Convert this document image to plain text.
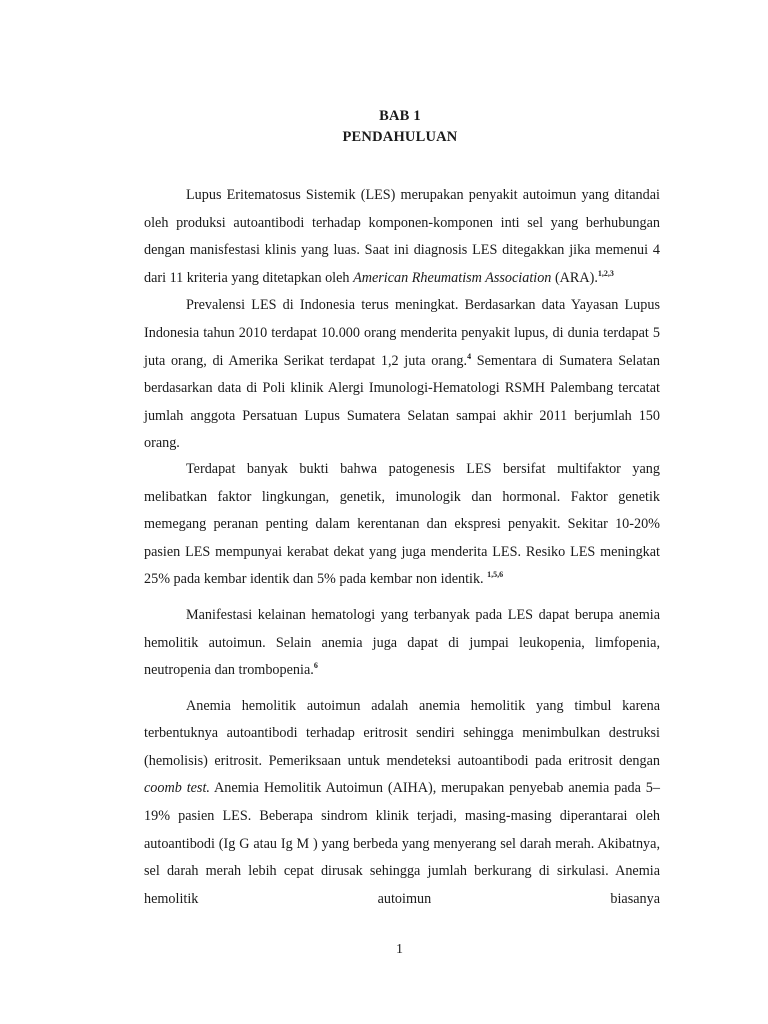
BAB 1
PENDAHULUAN

Lupus Eritematosus Sistemik (LES) merupakan penyakit autoimun yang ditandai oleh produksi autoantibodi terhadap komponen-komponen inti sel yang berhubungan dengan manisfestasi klinis yang luas. Saat ini diagnosis LES ditegakkan jika memenui 4 dari 11 kriteria yang ditetapkan oleh American Rheumatism Association (ARA).$^{1,2,3}$

Prevalensi LES di Indonesia terus meningkat. Berdasarkan data Yayasan Lupus Indonesia tahun 2010 terdapat 10.000 orang menderita penyakit lupus, di dunia terdapat 5 juta orang, di Amerika Serikat terdapat 1,2 juta orang.$^4$ Sementara di Sumatera Selatan berdasarkan data di Poli klinik Alergi Imunologi-Hematologi RSMH Palembang tercatat jumlah anggota Persatuan Lupus Sumatera Selatan sampai akhir 2011 berjumlah 150 orang.

Terdapat banyak bukti bahwa patogenesis LES bersifat multifaktor yang melibatkan faktor lingkungan, genetik, imunologik dan hormonal. Faktor genetik memegang peranan penting dalam kerentanan dan ekspresi penyakit. Sekitar 10-20% pasien LES mempunyai kerabat dekat yang juga menderita LES. Resiko LES meningkat 25% pada kembar identik dan 5% pada kembar non identik. $^{1,5,6}$

Manifestasi kelainan hematologi yang terbanyak pada LES dapat berupa anemia hemolitik autoimun. Selain anemia juga dapat di jumpai leukopenia, limfopenia, neutropenia dan trombopenia.$^6$

Anemia hemolitik autoimun adalah anemia hemolitik yang timbul karena terbentuknya autoantibodi terhadap eritrosit sendiri sehingga menimbulkan destruksi (hemolisis) eritrosit. Pemeriksaan untuk mendeteksi autoantibodi pada eritrosit dengan coomb test. Anemia Hemolitik Autoimun (AIHA), merupakan penyebab anemia pada 5–19% pasien LES. Beberapa sindrom klinik terjadi, masing-masing diperantarai oleh autoantibodi (Ig G atau Ig M ) yang berbeda yang menyerang sel darah merah. Akibatnya, sel darah merah lebih cepat dirusak sehingga jumlah berkurang di sirkulasi. Anemia hemolitik autoimun biasanya

1
